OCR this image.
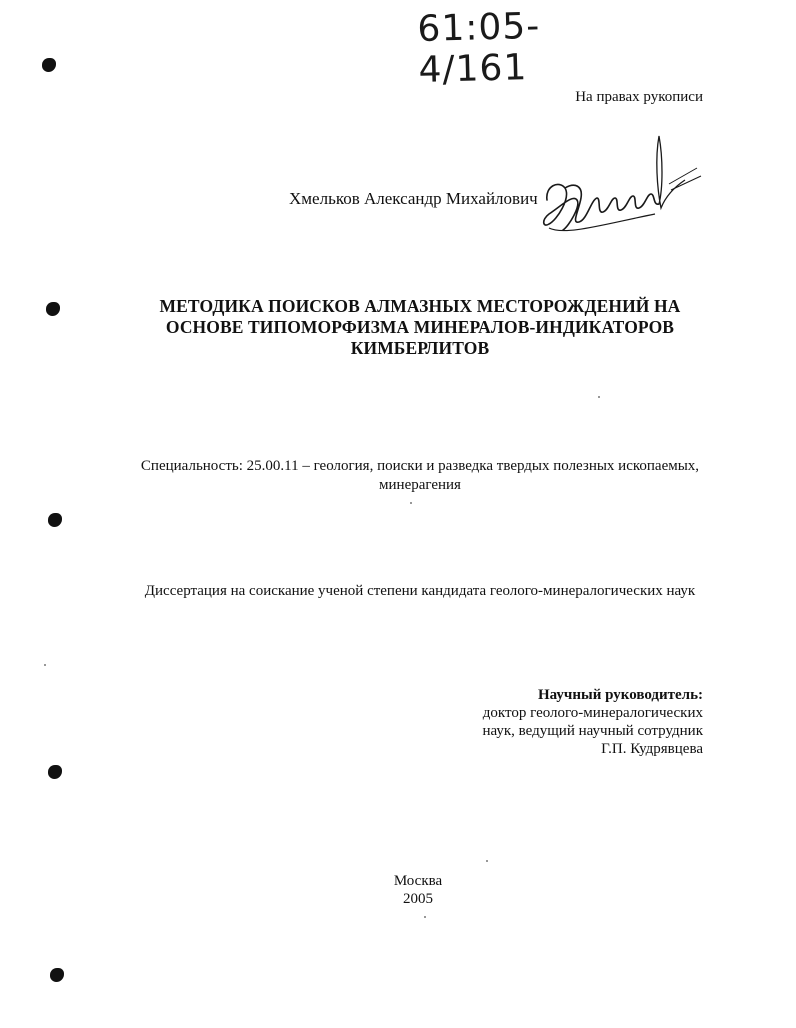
61:05-4/161
На правах рукописи
Хмельков Александр Михайлович
МЕТОДИКА ПОИСКОВ АЛМАЗНЫХ МЕСТОРОЖДЕНИЙ НА
ОСНОВЕ ТИПОМОРФИЗМА МИНЕРАЛОВ-ИНДИКАТОРОВ
КИМБЕРЛИТОВ
Специальность: 25.00.11 – геология, поиски и разведка твердых полезных ископаемых,
минерагения
Диссертация на соискание ученой степени кандидата геолого-минералогических наук
Научный руководитель:
доктор геолого-минералогических
наук, ведущий научный сотрудник
Г.П. Кудрявцева
Москва
2005
